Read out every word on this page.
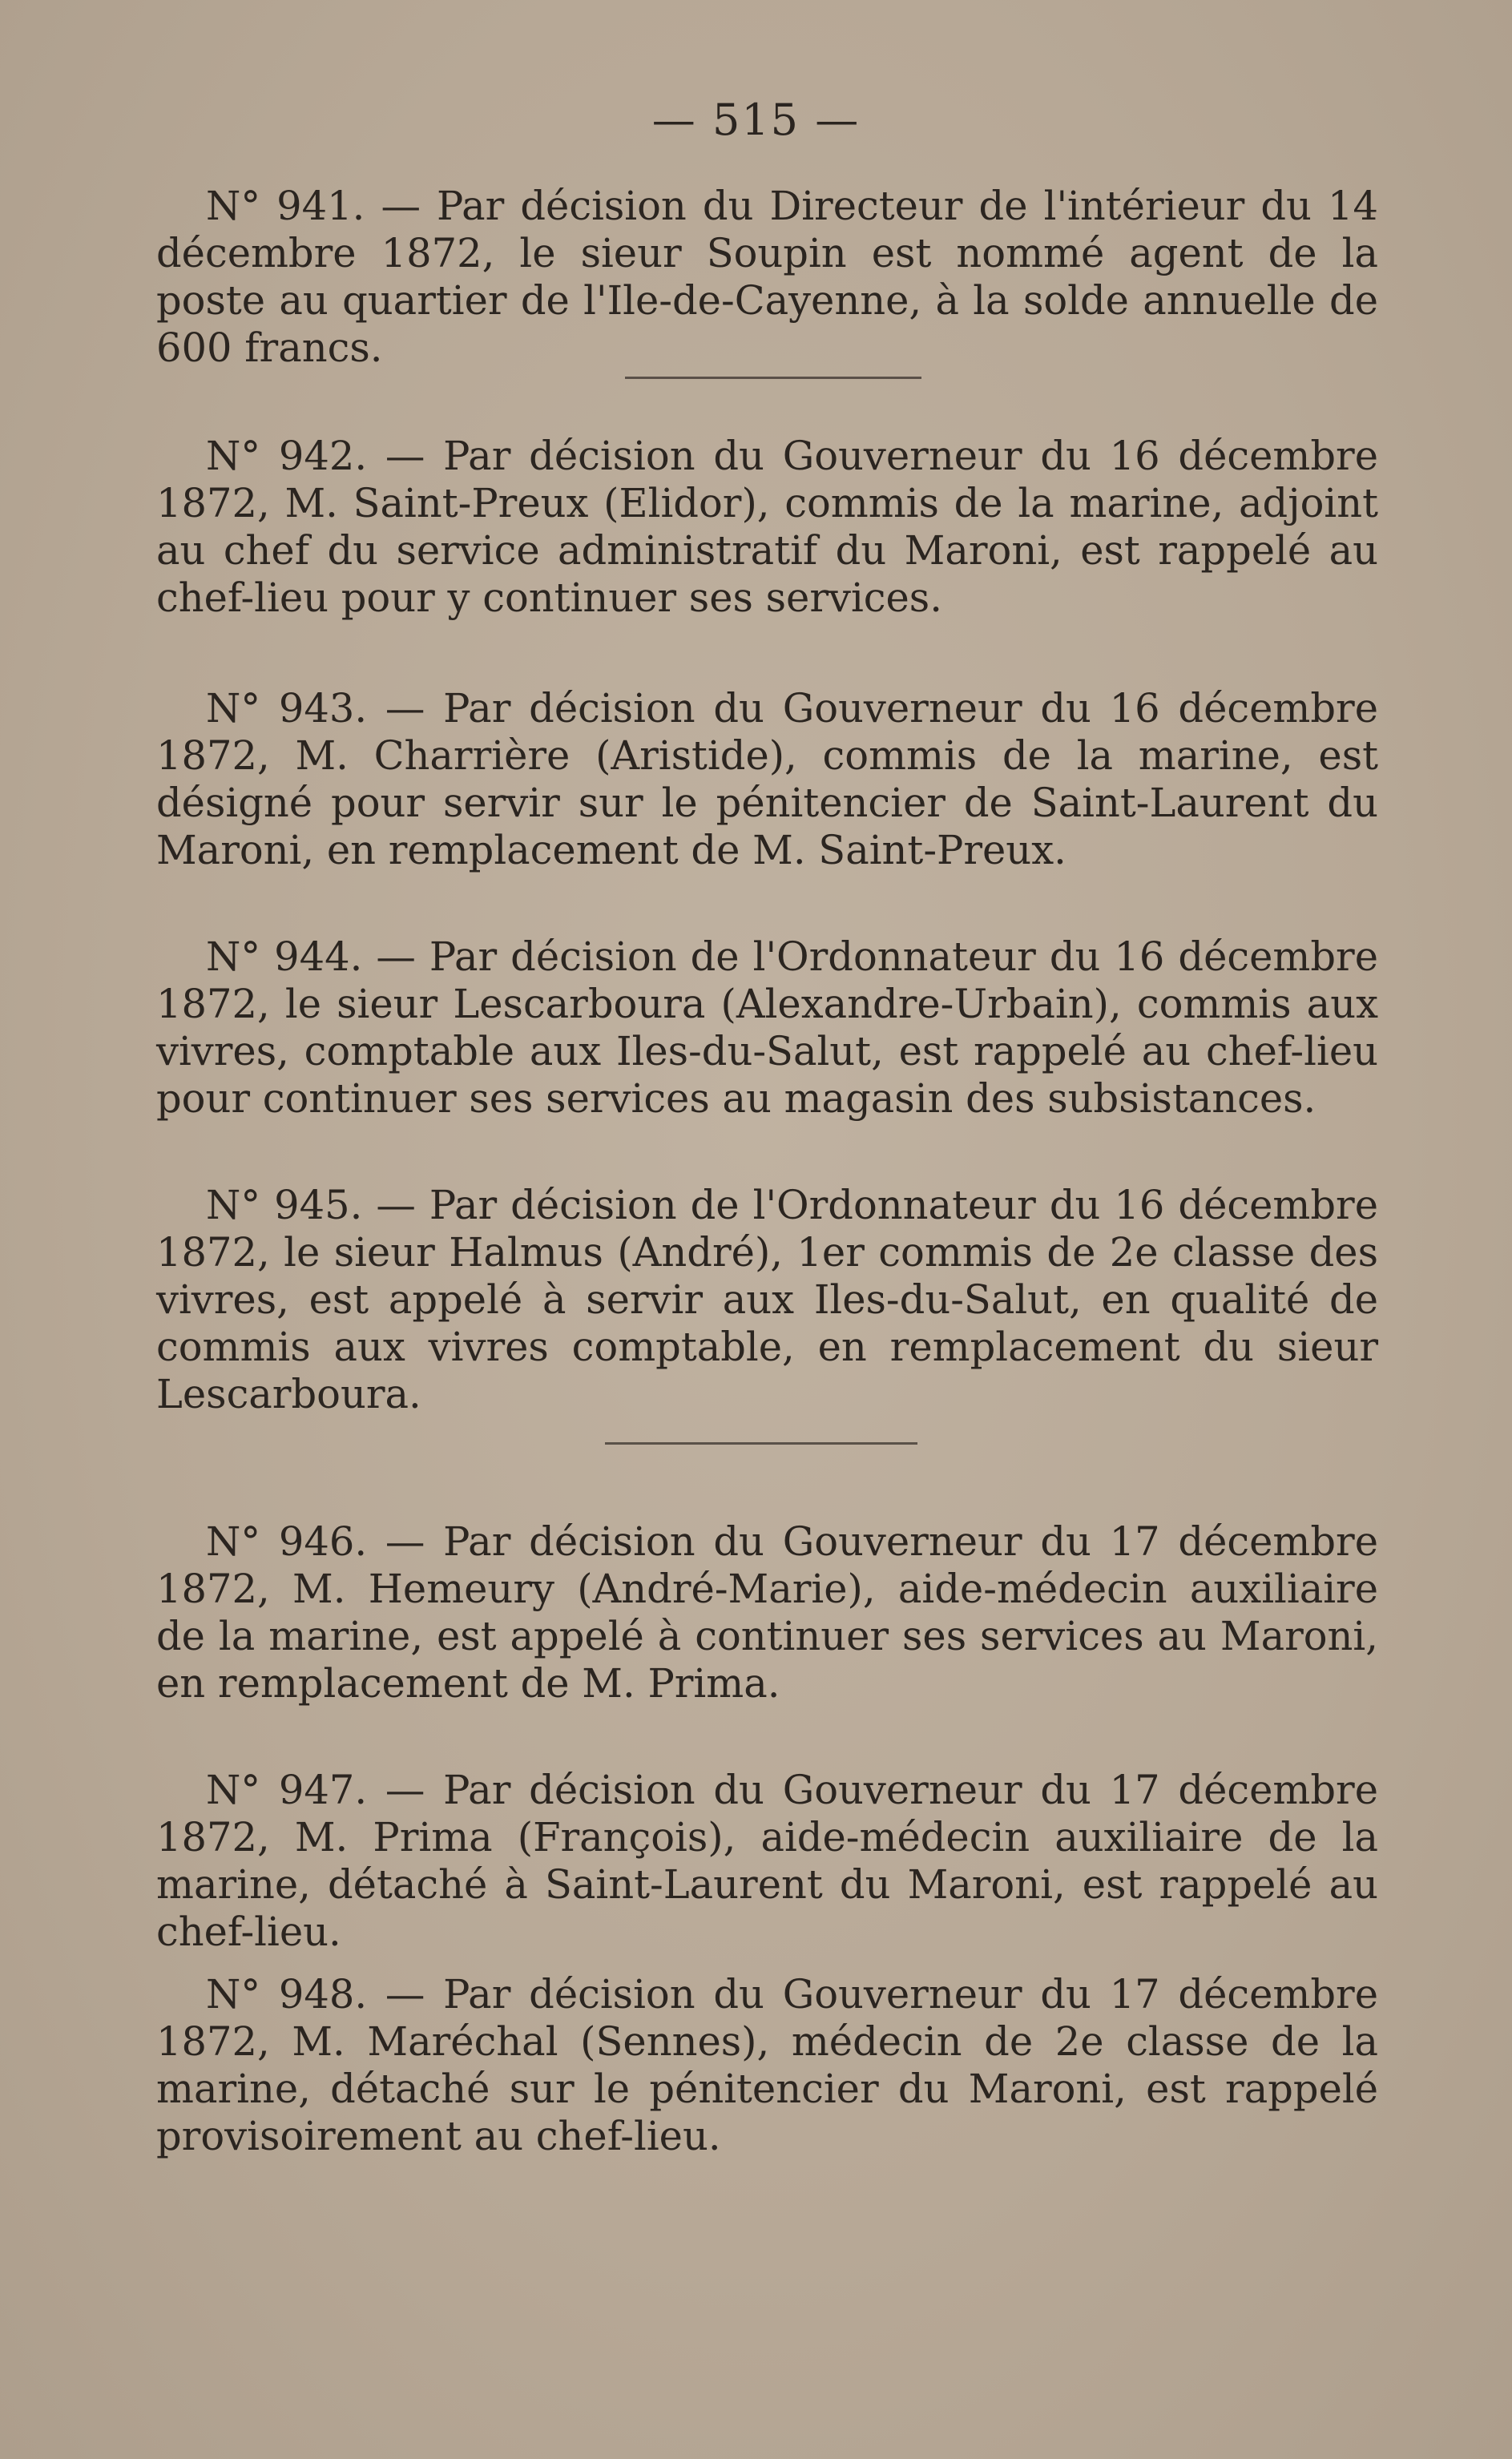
— 515 —
N° 941. — Par décision du Directeur de l'intérieur du 14 décembre 1872, le sieur Soupin est nommé agent de la poste au quartier de l'Ile-de-Cayenne, à la solde annuelle de 600 francs.
N° 942. — Par décision du Gouverneur du 16 décembre 1872, M. Saint-Preux (Elidor), commis de la marine, adjoint au chef du service administratif du Maroni, est rappelé au chef-lieu pour y continuer ses services.
N° 943. — Par décision du Gouverneur du 16 décembre 1872, M. Charrière (Aristide), commis de la marine, est désigné pour servir sur le pénitencier de Saint-Laurent du Maroni, en remplacement de M. Saint-Preux.
N° 944. — Par décision de l'Ordonnateur du 16 décembre 1872, le sieur Lescarboura (Alexandre-Urbain), commis aux vivres, comptable aux Iles-du-Salut, est rappelé au chef-lieu pour continuer ses services au magasin des subsistances.
N° 945. — Par décision de l'Ordonnateur du 16 décembre 1872, le sieur Halmus (André), 1er commis de 2e classe des vivres, est appelé à servir aux Iles-du-Salut, en qualité de commis aux vivres comptable, en remplacement du sieur Lescarboura.
N° 946. — Par décision du Gouverneur du 17 décembre 1872, M. Hemeury (André-Marie), aide-médecin auxiliaire de la marine, est appelé à continuer ses services au Maroni, en remplacement de M. Prima.
N° 947. — Par décision du Gouverneur du 17 décembre 1872, M. Prima (François), aide-médecin auxiliaire de la marine, détaché à Saint-Laurent du Maroni, est rappelé au chef-lieu.
N° 948. — Par décision du Gouverneur du 17 décembre 1872, M. Maréchal (Sennes), médecin de 2e classe de la marine, détaché sur le pénitencier du Maroni, est rappelé provisoirement au chef-lieu.
